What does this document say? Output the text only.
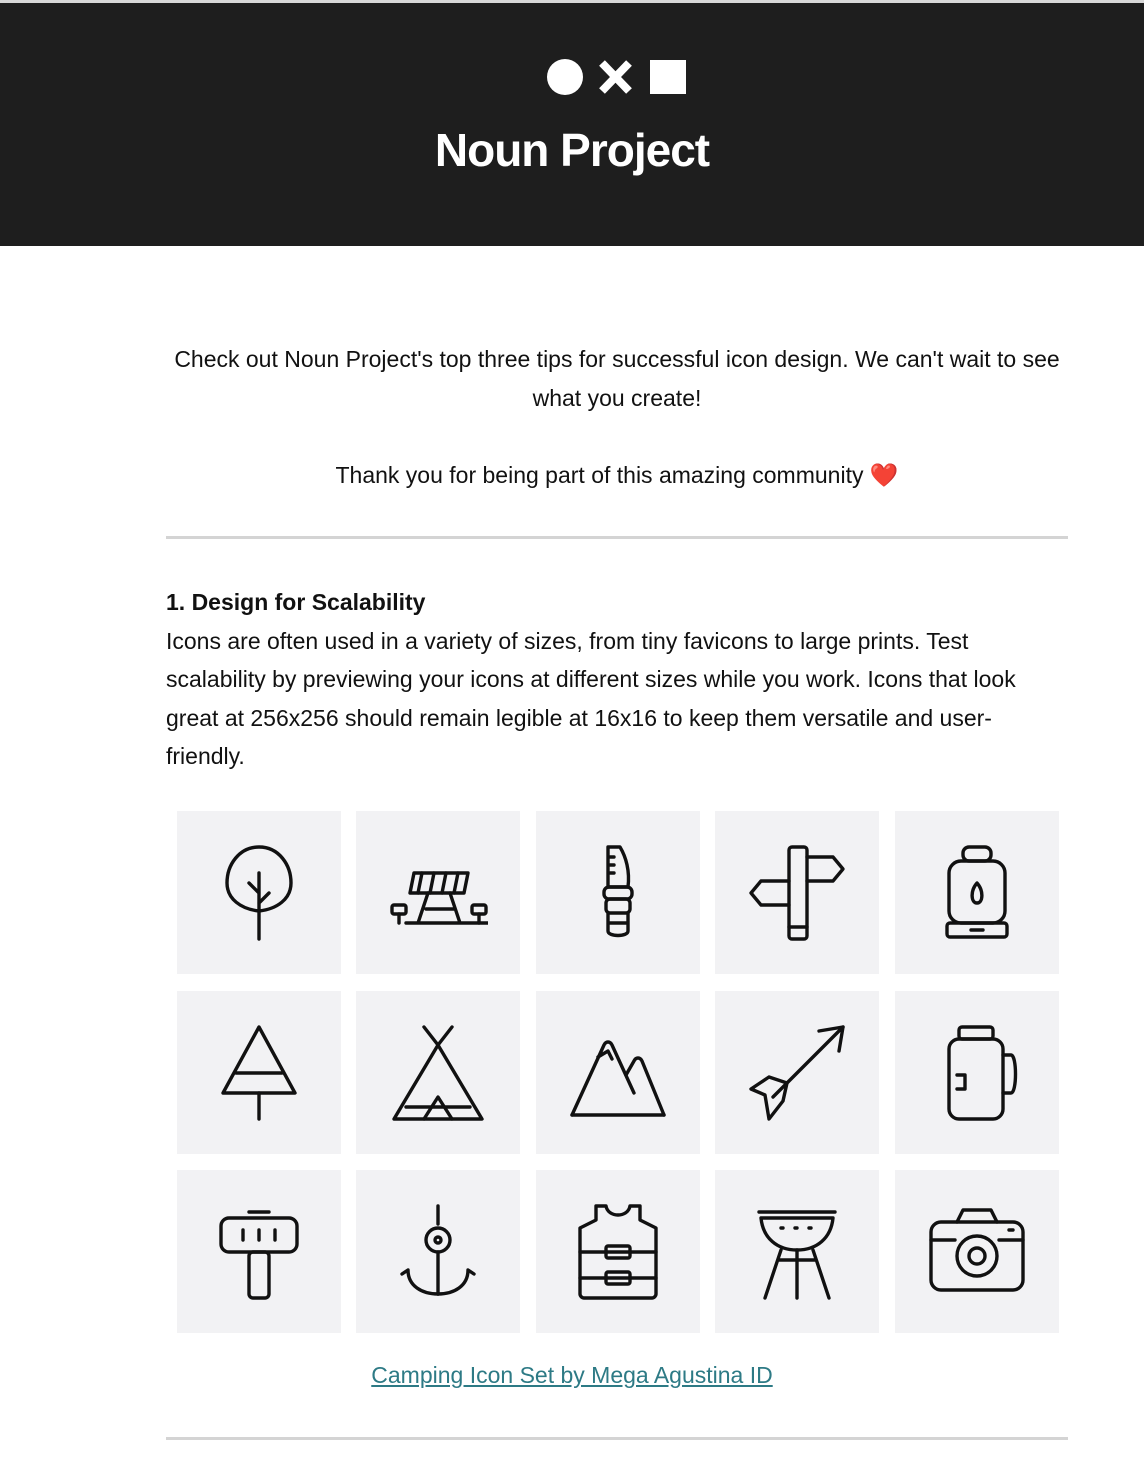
Noun Project

Check out Noun Project's top three tips for successful icon design. We can't wait to see what you create!

Thank you for being part of this amazing community ❤️

1. Design for Scalability
Icons are often used in a variety of sizes, from tiny favicons to large prints. Test scalability by previewing your icons at different sizes while you work. Icons that look great at 256x256 should remain legible at 16x16 to keep them versatile and user-friendly.
Camping Icon Set by Mega Agustina ID
